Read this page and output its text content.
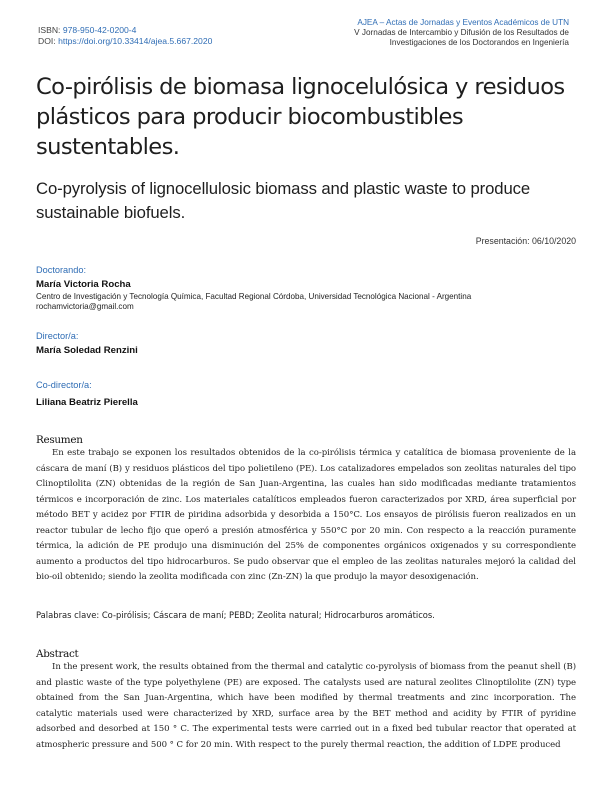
ISBN: 978-950-42-0200-4
DOI: https://doi.org/10.33414/ajea.5.667.2020
AJEA – Actas de Jornadas y Eventos Académicos de UTN
V Jornadas de Intercambio y Difusión de los Resultados de
Investigaciones de los Doctorandos en Ingeniería
Co-pirólisis de biomasa lignocelulósica y residuos plásticos para producir biocombustibles sustentables.
Co-pyrolysis of lignocellulosic biomass and plastic waste to produce sustainable biofuels.
Presentación: 06/10/2020
Doctorando:
María Victoria Rocha
Centro de Investigación y Tecnología Química, Facultad Regional Córdoba, Universidad Tecnológica Nacional - Argentina
rochamvictoria@gmail.com
Director/a:
María Soledad Renzini
Co-director/a:
Liliana Beatriz Pierella
Resumen
En este trabajo se exponen los resultados obtenidos de la co-pirólisis térmica y catalítica de biomasa proveniente de la cáscara de maní (B) y residuos plásticos del tipo polietileno (PE). Los catalizadores empelados son zeolitas naturales del tipo Clinoptilolita (ZN) obtenidas de la región de San Juan-Argentina, las cuales han sido modificadas mediante tratamientos térmicos e incorporación de zinc. Los materiales catalíticos empleados fueron caracterizados por XRD, área superficial por método BET y acidez por FTIR de piridina adsorbida y desorbida a 150°C. Los ensayos de pirólisis fueron realizados en un reactor tubular de lecho fijo que operó a presión atmosférica y 550°C por 20 min. Con respecto a la reacción puramente térmica, la adición de PE produjo una disminución del 25% de componentes orgánicos oxigenados y su correspondiente aumento a productos del tipo hidrocarburos. Se pudo observar que el empleo de las zeolitas naturales mejoró la calidad del bio-oil obtenido; siendo la zeolita modificada con zinc (Zn-ZN) la que produjo la mayor desoxigenación.
Palabras clave: Co-pirólisis; Cáscara de maní; PEBD; Zeolita natural; Hidrocarburos aromáticos.
Abstract
In the present work, the results obtained from the thermal and catalytic co-pyrolysis of biomass from the peanut shell (B) and plastic waste of the type polyethylene (PE) are exposed. The catalysts used are natural zeolites Clinoptilolite (ZN) type obtained from the San Juan-Argentina, which have been modified by thermal treatments and zinc incorporation. The catalytic materials used were characterized by XRD, surface area by the BET method and acidity by FTIR of pyridine adsorbed and desorbed at 150 ° C. The experimental tests were carried out in a fixed bed tubular reactor that operated at atmospheric pressure and 500 ° C for 20 min. With respect to the purely thermal reaction, the addition of LDPE produced
